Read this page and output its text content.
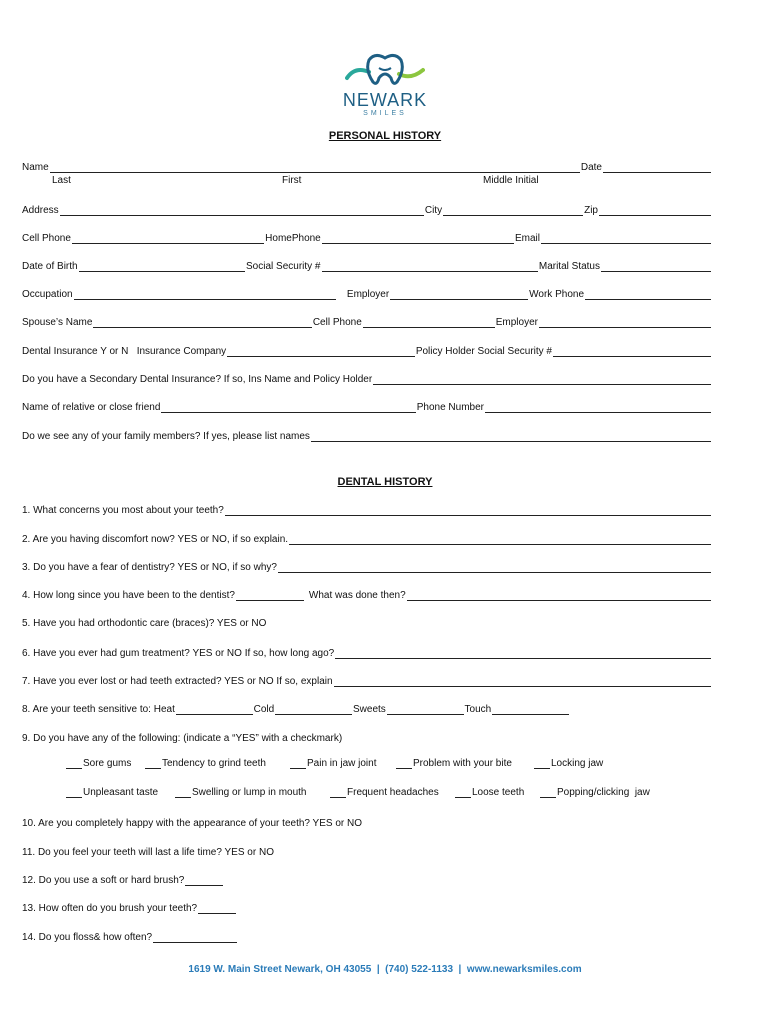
NEWARK
SMILES
PERSONAL HISTORY
Name	Date
Last	First	Middle Initial
Address	City	Zip
Cell Phone	HomePhone	Email
Date of Birth	Social Security #	Marital Status
Occupation	Employer	Work Phone
Spouse’s Name	Cell Phone	Employer
Dental Insurance Y or N   Insurance Company	Policy Holder Social Security #
Do you have a Secondary Dental Insurance? If so, Ins Name and Policy Holder
Name of relative or close friend	Phone Number
Do we see any of your family members? If yes, please list names
DENTAL HISTORY
1. What concerns you most about your teeth?
2. Are you having discomfort now? YES or NO, if so explain.
3. Do you have a fear of dentistry? YES or NO, if so why?
4. How long since you have been to the dentist?	What was done then?
5. Have you had orthodontic care (braces)? YES or NO
6. Have you ever had gum treatment? YES or NO If so, how long ago?
7. Have you ever lost or had teeth extracted? YES or NO If so, explain
8. Are your teeth sensitive to: Heat	Cold	Sweets	Touch
9. Do you have any of the following: (indicate a “YES” with a checkmark)
Sore gums	Tendency to grind teeth	Pain in jaw joint	Problem with your bite	Locking jaw
Unpleasant taste	Swelling or lump in mouth	Frequent headaches	Loose teeth	Popping/clicking  jaw
10. Are you completely happy with the appearance of your teeth? YES or NO
11. Do you feel your teeth will last a life time? YES or NO
12. Do you use a soft or hard brush?
13. How often do you brush your teeth?
14. Do you floss& how often?
1619 W. Main Street Newark, OH 43055  |  (740) 522-1133  |  www.newarksmiles.com
